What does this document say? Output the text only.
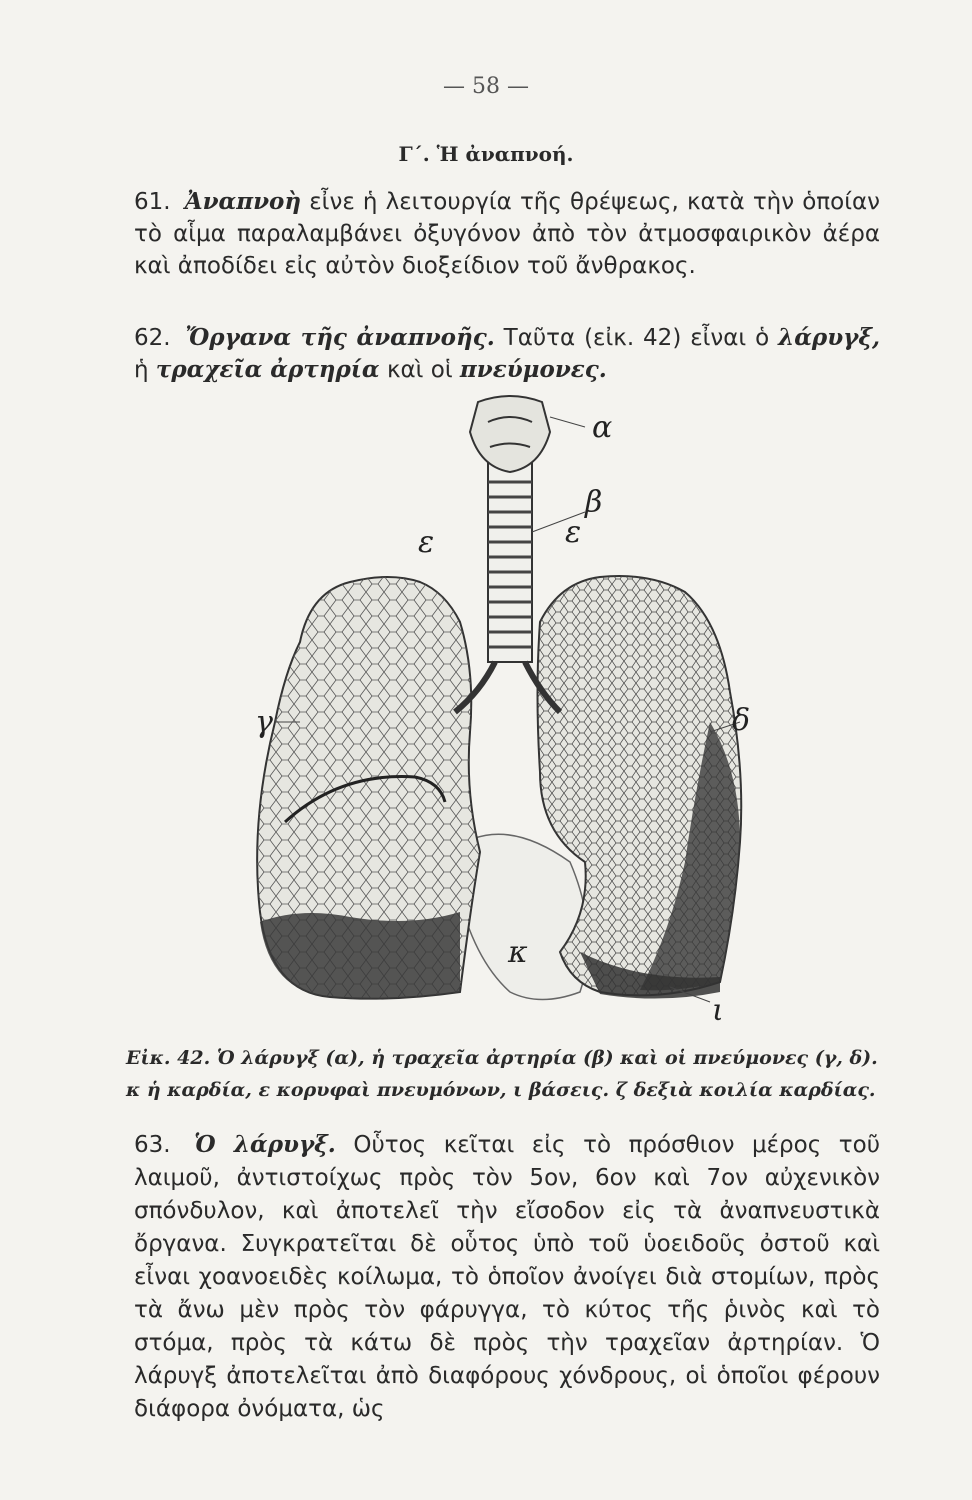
— 58 —
Γ΄. Ἡ ἀναπνοή.
61. Ἀναπνοὴ εἶνε ἡ λειτουργία τῆς θρέψεως, κατὰ τὴν ὁποίαν τὸ αἷμα παραλαμβάνει ὀξυγόνον ἀπὸ τὸν ἀτμοσφαιρικὸν ἀέρα καὶ ἀποδίδει εἰς αὐτὸν διοξείδιον τοῦ ἄνθρακος.
62. Ὄργανα τῆς ἀναπνοῆς. Ταῦτα (εἰκ. 42) εἶναι ὁ λάρυγξ, ἡ τραχεῖα ἀρτηρία καὶ οἱ πνεύμονες.
α
β
ε	ε
γ	δ
κ
ι
Εἰκ. 42. Ὁ λάρυγξ (α), ἡ τραχεῖα ἀρτηρία (β) καὶ οἱ πνεύμονες (γ, δ).
κ ἡ καρδία, ε κορυφαὶ πνευμόνων, ι βάσεις. ζ δεξιὰ κοιλία καρδίας.
63. Ὁ λάρυγξ. Οὗτος κεῖται εἰς τὸ πρόσθιον μέρος τοῦ λαιμοῦ, ἀντιστοίχως πρὸς τὸν 5ον, 6ον καὶ 7ον αὐχενικὸν σπόνδυλον, καὶ ἀποτελεῖ τὴν εἴσοδον εἰς τὰ ἀναπνευστικὰ ὄργανα. Συγκρατεῖται δὲ οὗτος ὑπὸ τοῦ ὑοειδοῦς ὀστοῦ καὶ εἶναι χοανοειδὲς κοίλωμα, τὸ ὁποῖον ἀνοίγει διὰ στομίων, πρὸς τὰ ἄνω μὲν πρὸς τὸν φάρυγγα, τὸ κύτος τῆς ῥινὸς καὶ τὸ στόμα, πρὸς τὰ κάτω δὲ πρὸς τὴν τραχεῖαν ἀρτηρίαν. Ὁ λάρυγξ ἀποτελεῖται ἀπὸ διαφόρους χόνδρους, οἱ ὁποῖοι φέρουν διάφορα ὀνόματα, ὡς
